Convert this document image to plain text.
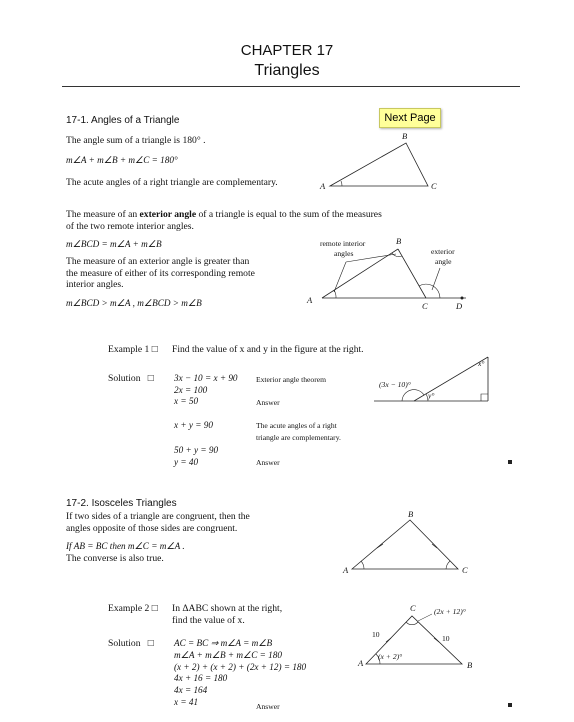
CHAPTER 17
Triangles
Next Page
17-1. Angles of a Triangle
The angle sum of a triangle is 180° .
m∠A + m∠B + m∠C = 180°
The acute angles of a right triangle are complementary.	A
B
C
The measure of an exterior angle of a triangle is equal to the sum of the measures
of the two remote interior angles.
m∠BCD = m∠A + m∠B
The measure of an exterior angle is greater than
the measure of either of its corresponding remote
interior angles.
m∠BCD > m∠A , m∠BCD > m∠B
remote interior
angles	exterior
angle
A
B
C	D
Example 1 □ Find the value of x and y in the figure at the right.
Solution □ 3x − 10 = x + 90
2x = 100
x = 50
Exterior angle theorem
Answer
x + y = 90	The acute angles of a right
triangle are complementary.
50 + y = 90
y = 40	Answer
(3x − 10)°
x°
y°
17-2. Isosceles Triangles
If two sides of a triangle are congruent, then the
angles opposite of those sides are congruent.
If AB = BC then m∠C = m∠A .
The converse is also true.
A
B
C
Example 2 □ In ΔABC shown at the right,
find the value of x.
Solution □ AC = BC ⇒ m∠A = m∠B
m∠A + m∠B + m∠C = 180
(x + 2) + (x + 2) + (2x + 12) = 180
4x + 16 = 180
4x = 164
x = 41	Answer
C
A	B
(2x + 12)°
(x + 2)°
10	10
